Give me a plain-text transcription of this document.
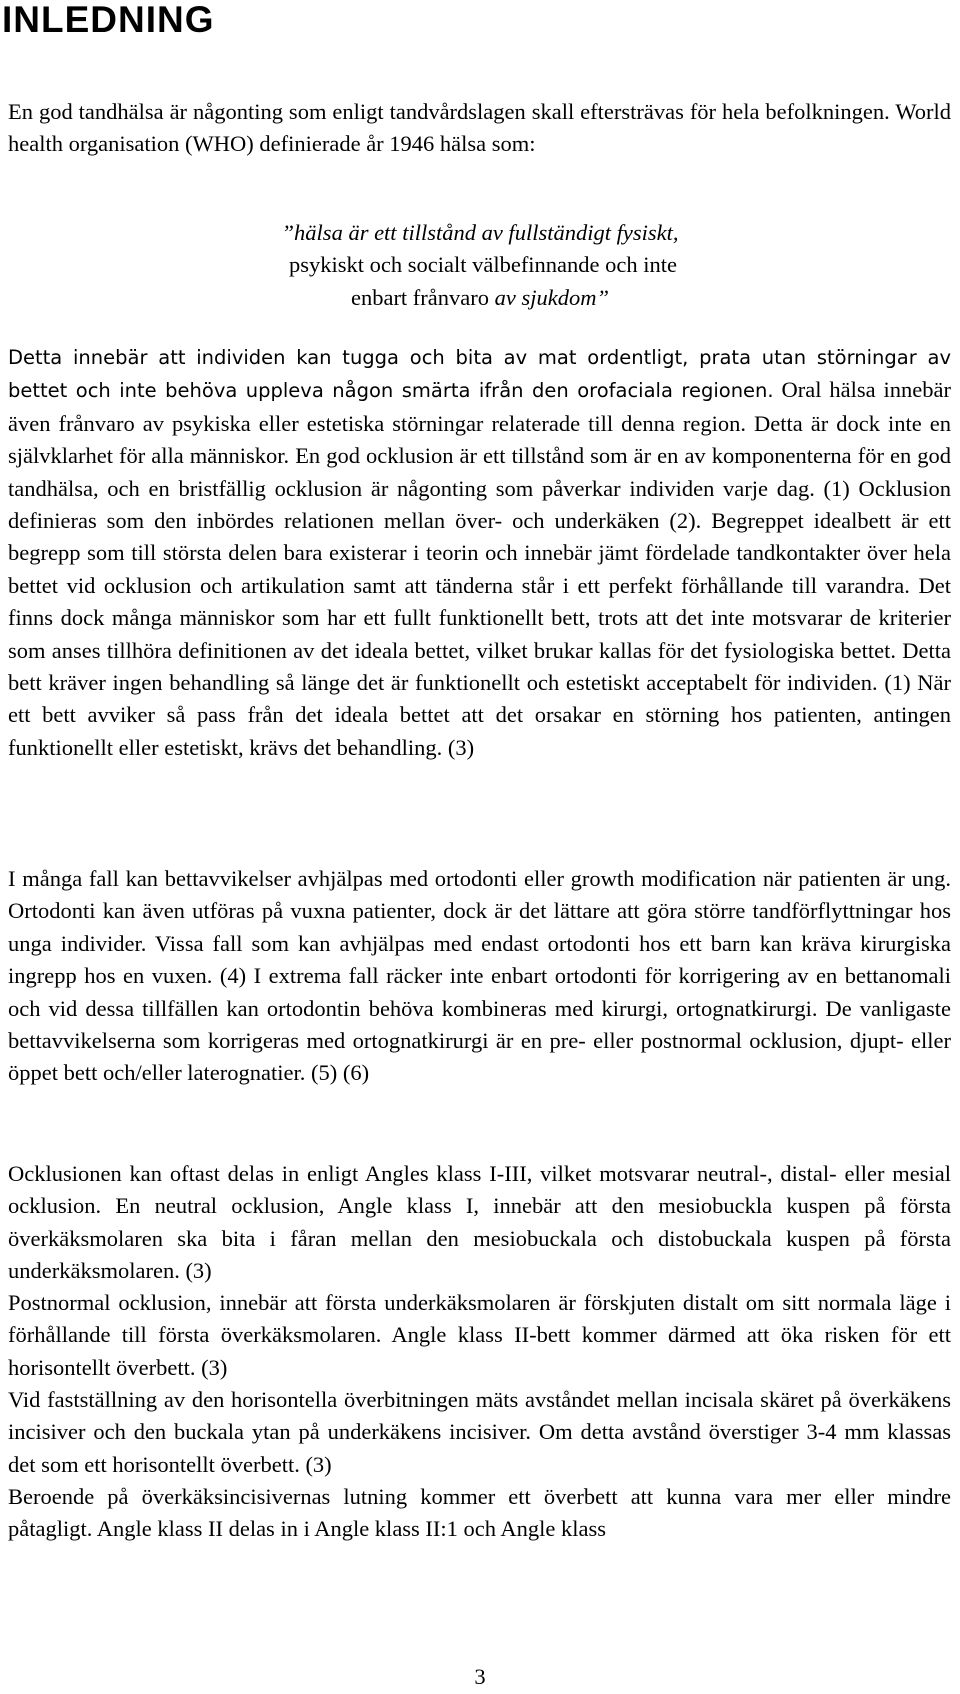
INLEDNING

En god tandhälsa är någonting som enligt tandvårdslagen skall eftersträvas för hela befolkningen. World health organisation (WHO) definierade år 1946 hälsa som:

”hälsa är ett tillstånd av fullständigt fysiskt,
psykiskt och socialt välbefinnande och inte
enbart frånvaro av sjukdom”

Detta innebär att individen kan tugga och bita av mat ordentligt, prata utan störningar av bettet och inte behöva uppleva någon smärta ifrån den orofaciala regionen. Oral hälsa innebär även frånvaro av psykiska eller estetiska störningar relaterade till denna region. Detta är dock inte en självklarhet för alla människor. En god ocklusion är ett tillstånd som är en av komponenterna för en god tandhälsa, och en bristfällig ocklusion är någonting som påverkar individen varje dag. (1) Ocklusion definieras som den inbördes relationen mellan över- och underkäken (2). Begreppet idealbett är ett begrepp som till största delen bara existerar i teorin och innebär jämt fördelade tandkontakter över hela bettet vid ocklusion och artikulation samt att tänderna står i ett perfekt förhållande till varandra. Det finns dock många människor som har ett fullt funktionellt bett, trots att det inte motsvarar de kriterier som anses tillhöra definitionen av det ideala bettet, vilket brukar kallas för det fysiologiska bettet. Detta bett kräver ingen behandling så länge det är funktionellt och estetiskt acceptabelt för individen. (1) När ett bett avviker så pass från det ideala bettet att det orsakar en störning hos patienten, antingen funktionellt eller estetiskt, krävs det behandling. (3)

I många fall kan bettavvikelser avhjälpas med ortodonti eller growth modification när patienten är ung. Ortodonti kan även utföras på vuxna patienter, dock är det lättare att göra större tandförflyttningar hos unga individer. Vissa fall som kan avhjälpas med endast ortodonti hos ett barn kan kräva kirurgiska ingrepp hos en vuxen. (4) I extrema fall räcker inte enbart ortodonti för korrigering av en bettanomali och vid dessa tillfällen kan ortodontin behöva kombineras med kirurgi, ortognatkirurgi. De vanligaste bettavvikelserna som korrigeras med ortognatkirurgi är en pre- eller postnormal ocklusion, djupt- eller öppet bett och/eller laterognatier. (5) (6)

Ocklusionen kan oftast delas in enligt Angles klass I-III, vilket motsvarar neutral-, distal- eller mesial ocklusion. En neutral ocklusion, Angle klass I, innebär att den mesiobuckla kuspen på första överkäksmolaren ska bita i fåran mellan den mesiobuckala och distobuckala kuspen på första underkäksmolaren. (3)

Postnormal ocklusion, innebär att första underkäksmolaren är förskjuten distalt om sitt normala läge i förhållande till första överkäksmolaren. Angle klass II-bett kommer därmed att öka risken för ett horisontellt överbett. (3)

Vid fastställning av den horisontella överbitningen mäts avståndet mellan incisala skäret på överkäkens incisiver och den buckala ytan på underkäkens incisiver. Om detta avstånd överstiger 3-4 mm klassas det som ett horisontellt överbett. (3)

Beroende på överkäksincisivernas lutning kommer ett överbett att kunna vara mer eller mindre påtagligt. Angle klass II delas in i Angle klass II:1 och Angle klass

3
